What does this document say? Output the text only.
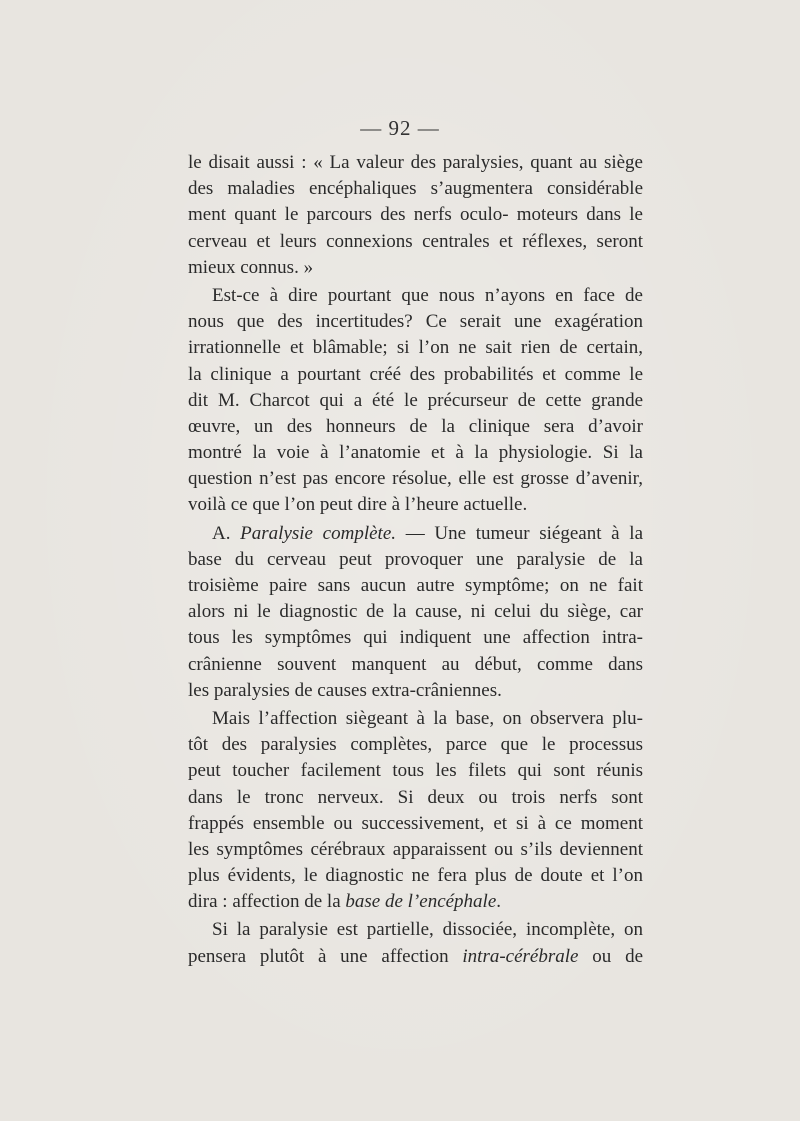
— 92 —
le disait aussi : « La valeur des paralysies, quant au siège
des maladies encéphaliques s’augmentera considérable
ment quant le parcours des nerfs oculo- moteurs dans le
cerveau et leurs connexions centrales et réflexes, seront
mieux connus. »
Est-ce à dire pourtant que nous n’ayons en face de
nous que des incertitudes? Ce serait une exagération
irrationnelle et blâmable; si l’on ne sait rien de certain,
la clinique a pourtant créé des probabilités et comme le
dit M. Charcot qui a été le précurseur de cette grande
œuvre, un des honneurs de la clinique sera d’avoir
montré la voie à l’anatomie et à la physiologie. Si la
question n’est pas encore résolue, elle est grosse d’avenir,
voilà ce que l’on peut dire à l’heure actuelle.
A. Paralysie complète. — Une tumeur siégeant à la
base du cerveau peut provoquer une paralysie de la
troisième paire sans aucun autre symptôme; on ne fait
alors ni le diagnostic de la cause, ni celui du siège, car
tous les symptômes qui indiquent une affection intra-
crânienne souvent manquent au début, comme dans
les paralysies de causes extra-crâniennes.
Mais l’affection siègeant à la base, on observera plu-
tôt des paralysies complètes, parce que le processus
peut toucher facilement tous les filets qui sont réunis
dans le tronc nerveux. Si deux ou trois nerfs sont
frappés ensemble ou successivement, et si à ce moment
les symptômes cérébraux apparaissent ou s’ils deviennent
plus évidents, le diagnostic ne fera plus de doute et l’on
dira : affection de la base de l’encéphale.
Si la paralysie est partielle, dissociée, incomplète, on
pensera plutôt à une affection intra-cérébrale ou de
